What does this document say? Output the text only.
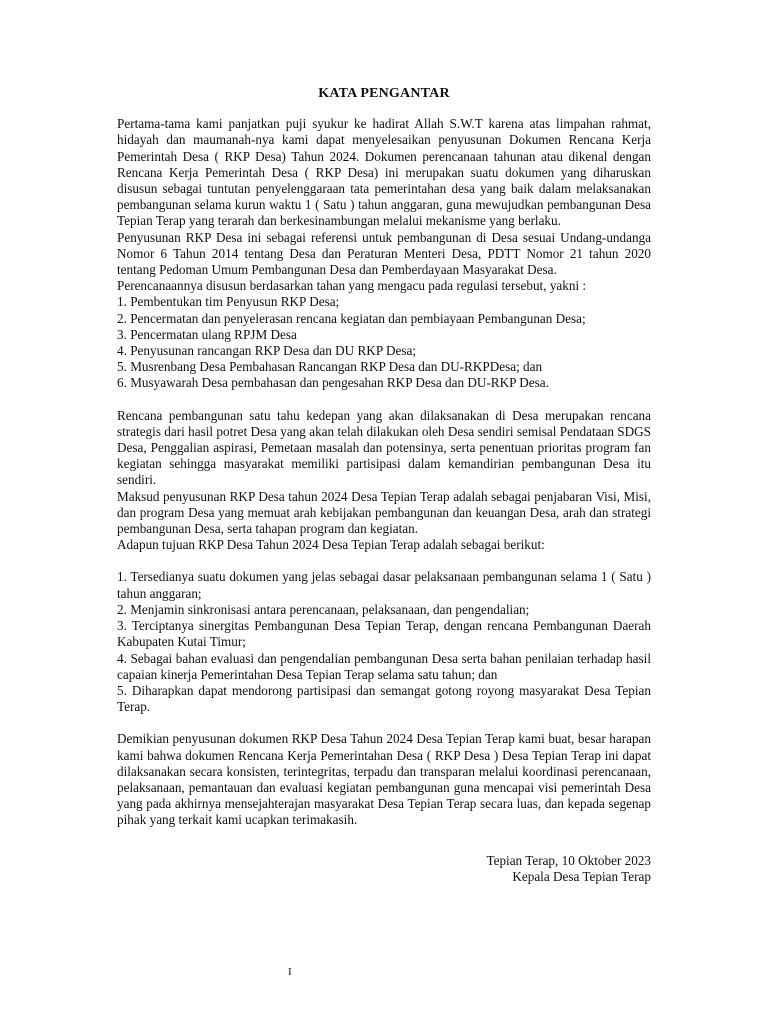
KATA PENGANTAR

Pertama-tama kami panjatkan puji syukur ke hadirat Allah S.W.T karena atas limpahan rahmat, hidayah dan maumanah-nya kami dapat menyelesaikan penyusunan Dokumen Rencana Kerja Pemerintah Desa ( RKP Desa) Tahun 2024. Dokumen perencanaan tahunan atau dikenal dengan Rencana Kerja Pemerintah Desa ( RKP Desa) ini merupakan suatu dokumen yang diharuskan disusun sebagai tuntutan penyelenggaraan tata pemerintahan desa yang baik dalam melaksanakan pembangunan selama kurun waktu 1 ( Satu ) tahun anggaran, guna mewujudkan pembangunan Desa Tepian Terap yang terarah dan berkesinambungan melalui mekanisme yang berlaku.

Penyusunan RKP Desa ini sebagai referensi untuk pembangunan di Desa sesuai Undang-undanga Nomor 6 Tahun 2014 tentang Desa dan Peraturan Menteri Desa, PDTT Nomor 21 tahun 2020 tentang Pedoman Umum Pembangunan Desa dan Pemberdayaan Masyarakat Desa.

Perencanaannya disusun berdasarkan tahan yang mengacu pada regulasi tersebut, yakni :

1. Pembentukan tim Penyusun RKP Desa;
2. Pencermatan dan penyelerasan rencana kegiatan dan pembiayaan Pembangunan Desa;
3. Pencermatan ulang RPJM Desa
4. Penyusunan rancangan RKP Desa dan DU RKP Desa;
5. Musrenbang Desa Pembahasan Rancangan RKP Desa dan DU-RKPDesa; dan
6. Musyawarah Desa pembahasan dan pengesahan RKP Desa dan DU-RKP Desa.

Rencana pembangunan satu tahu kedepan yang akan dilaksanakan di Desa merupakan rencana strategis dari hasil potret Desa yang akan telah dilakukan oleh Desa sendiri semisal Pendataan SDGS Desa, Penggalian aspirasi, Pemetaan masalah dan potensinya, serta penentuan prioritas program fan kegiatan sehingga masyarakat memiliki partisipasi dalam kemandirian pembangunan Desa itu sendiri.

Maksud penyusunan RKP Desa tahun 2024 Desa Tepian Terap adalah sebagai penjabaran Visi, Misi, dan program Desa yang memuat arah kebijakan pembangunan dan keuangan Desa, arah dan strategi pembangunan Desa, serta tahapan program dan kegiatan.

Adapun tujuan RKP Desa Tahun 2024 Desa Tepian Terap adalah sebagai berikut:

1. Tersedianya suatu dokumen yang jelas sebagai dasar pelaksanaan pembangunan selama 1 ( Satu ) tahun anggaran;
2. Menjamin sinkronisasi antara perencanaan, pelaksanaan, dan pengendalian;
3. Terciptanya sinergitas Pembangunan Desa Tepian Terap, dengan rencana Pembangunan Daerah Kabupaten Kutai Timur;
4. Sebagai bahan evaluasi dan pengendalian pembangunan Desa serta bahan penilaian terhadap hasil capaian kinerja Pemerintahan Desa Tepian Terap selama satu tahun; dan
5. Diharapkan dapat mendorong partisipasi dan semangat gotong royong masyarakat Desa Tepian Terap.

Demikian penyusunan dokumen RKP Desa Tahun 2024 Desa Tepian Terap kami buat, besar harapan kami bahwa dokumen Rencana Kerja Pemerintahan Desa ( RKP Desa ) Desa Tepian Terap ini dapat dilaksanakan secara konsisten, terintegritas, terpadu dan transparan melalui koordinasi perencanaan, pelaksanaan, pemantauan dan evaluasi kegiatan pembangunan guna mencapai visi pemerintah Desa yang pada akhirnya mensejahterajan masyarakat Desa Tepian Terap secara luas, dan kepada segenap pihak yang terkait kami ucapkan terimakasih.

Tepian Terap, 10 Oktober 2023
Kepala Desa Tepian Terap
I
